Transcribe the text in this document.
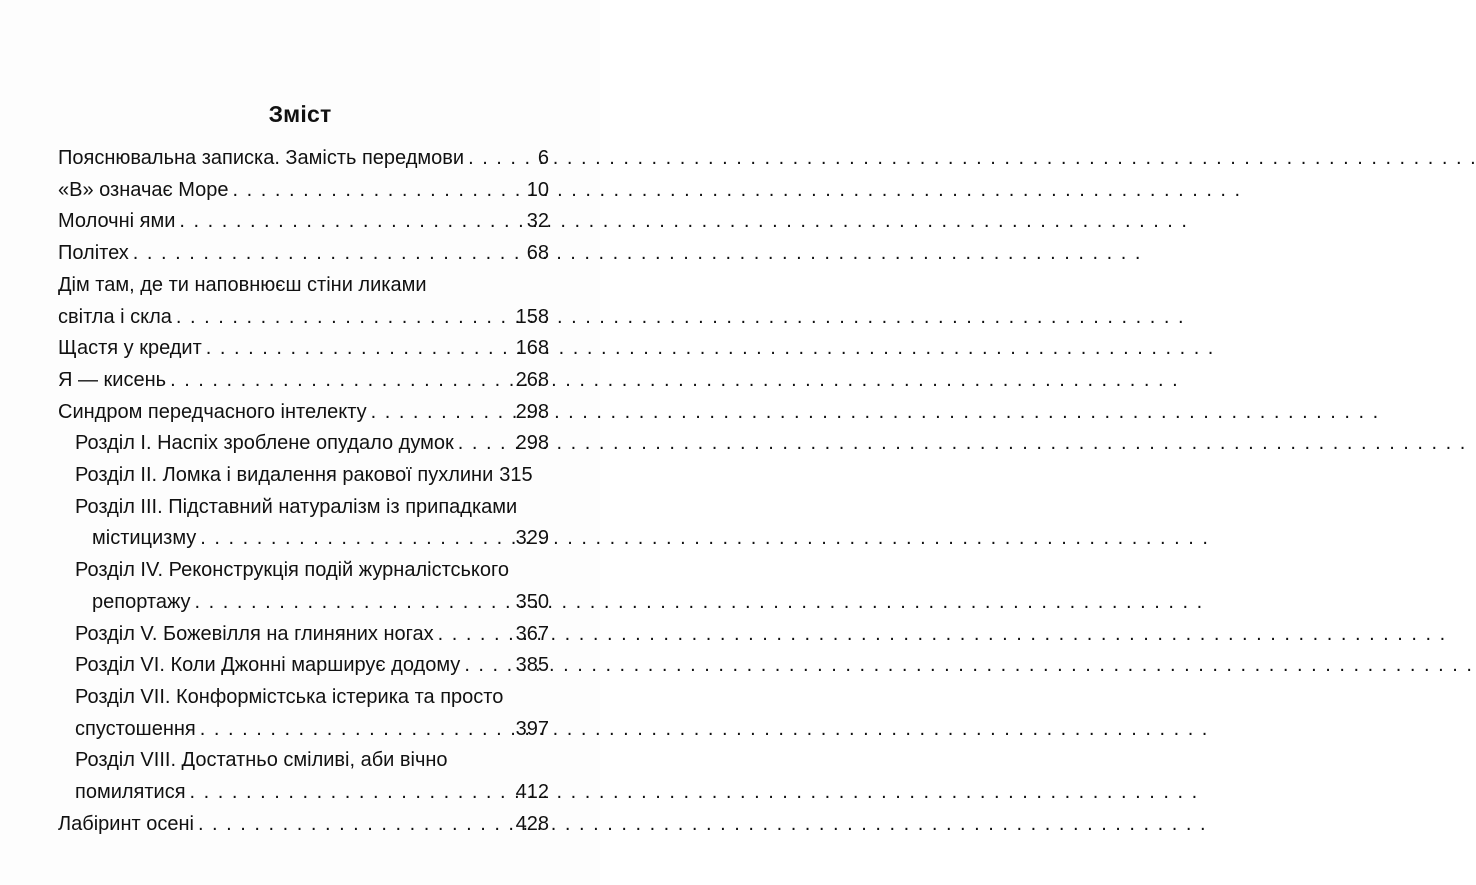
Зміст
Пояснювальна записка. Замість передмови . . .	6
«В» означає Море . . .	10
Молочні ями . . .	32
Політех . . .	68
Дім там, де ти наповнюєш стіни ликами
світла і скла . . .	158
Щастя у кредит . . .	168
Я — кисень . . .	268
Синдром передчасного інтелекту . . .	298
Розділ І. Наспіх зроблене опудало думок . . .	298
Розділ ІІ. Ломка і видалення ракової пухлини 315
Розділ ІІІ. Підставний натуралізм із припадками
містицизму . . .	329
Розділ IV. Реконструкція подій журналістського
репортажу . . .	350
Розділ V. Божевілля на глиняних ногах . . .	367
Розділ VI. Коли Джонні марширує додому . . .	385
Розділ VII. Конформістська істерика та просто
спустошення . . .	397
Розділ VIII. Достатньо сміливі, аби вічно
помилятися . . .	412
Лабіринт осені . . .	428
